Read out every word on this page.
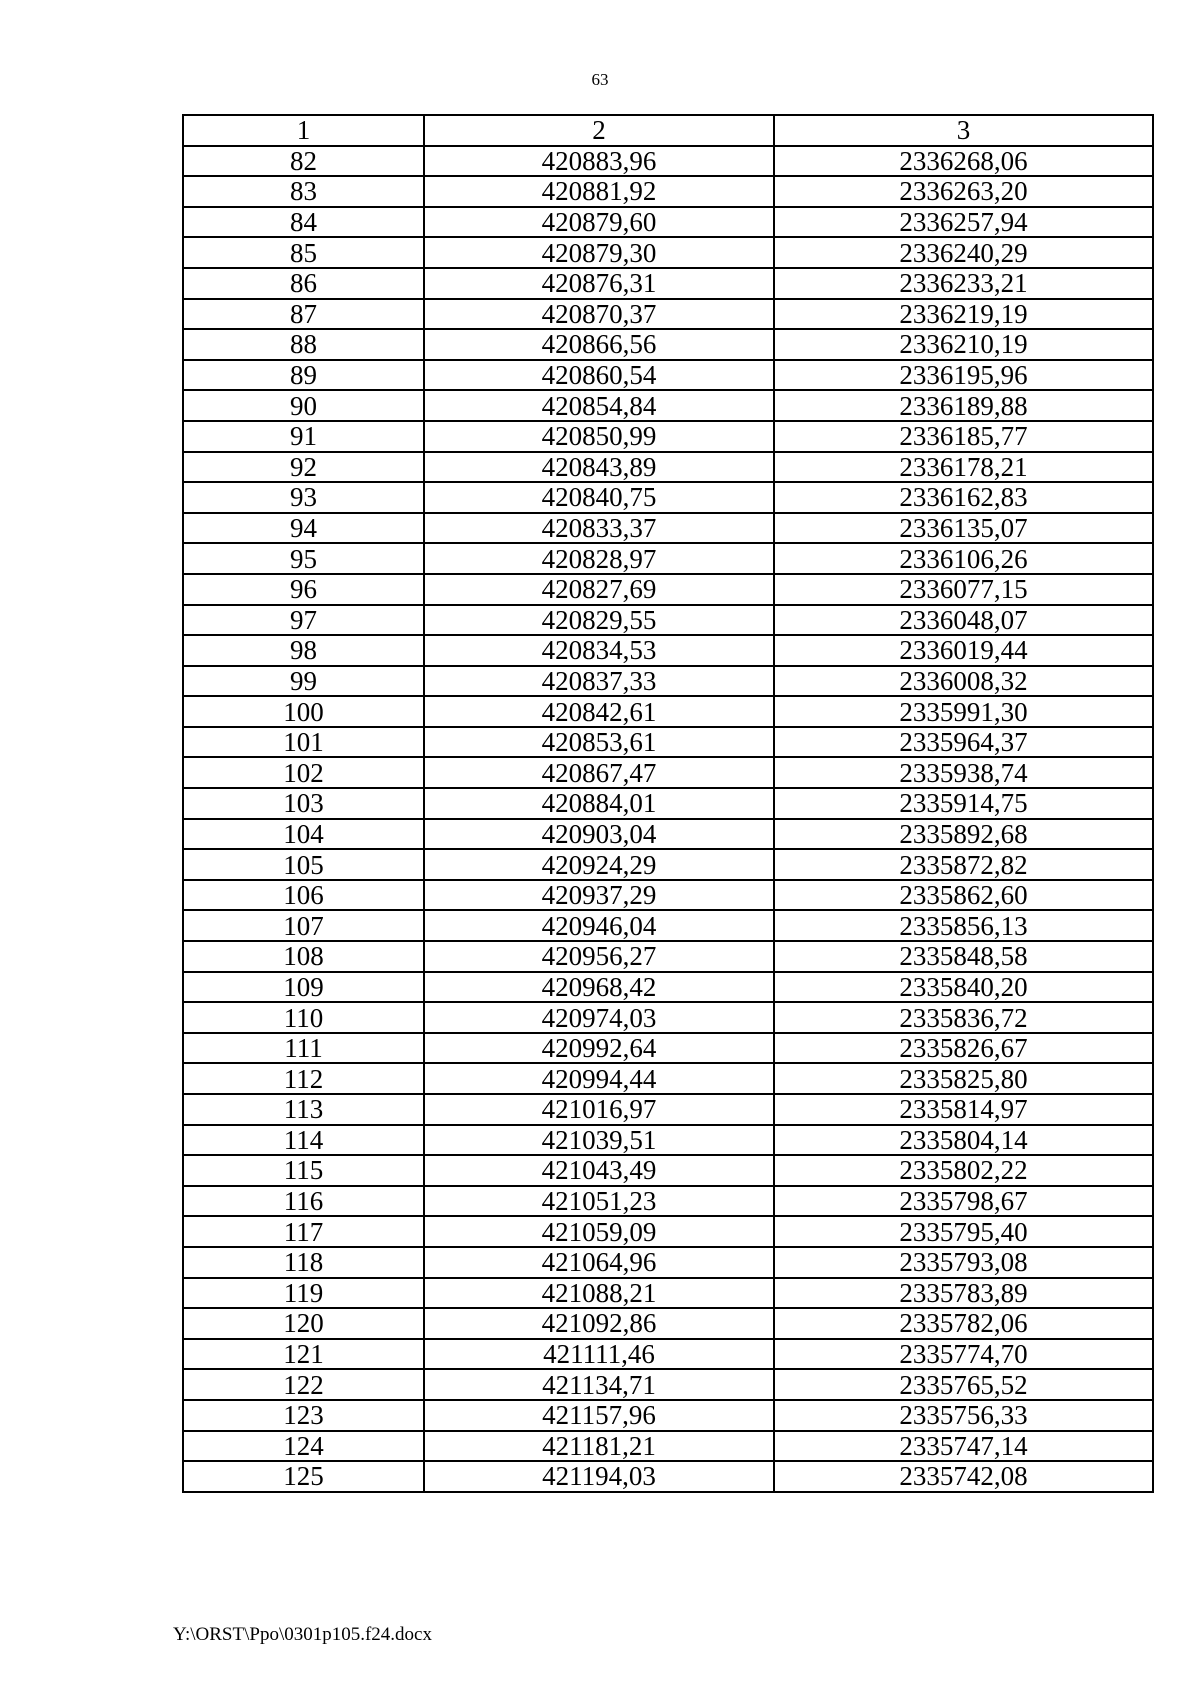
63
1	2	3
82	420883,96	2336268,06
83	420881,92	2336263,20
84	420879,60	2336257,94
85	420879,30	2336240,29
86	420876,31	2336233,21
87	420870,37	2336219,19
88	420866,56	2336210,19
89	420860,54	2336195,96
90	420854,84	2336189,88
91	420850,99	2336185,77
92	420843,89	2336178,21
93	420840,75	2336162,83
94	420833,37	2336135,07
95	420828,97	2336106,26
96	420827,69	2336077,15
97	420829,55	2336048,07
98	420834,53	2336019,44
99	420837,33	2336008,32
100	420842,61	2335991,30
101	420853,61	2335964,37
102	420867,47	2335938,74
103	420884,01	2335914,75
104	420903,04	2335892,68
105	420924,29	2335872,82
106	420937,29	2335862,60
107	420946,04	2335856,13
108	420956,27	2335848,58
109	420968,42	2335840,20
110	420974,03	2335836,72
111	420992,64	2335826,67
112	420994,44	2335825,80
113	421016,97	2335814,97
114	421039,51	2335804,14
115	421043,49	2335802,22
116	421051,23	2335798,67
117	421059,09	2335795,40
118	421064,96	2335793,08
119	421088,21	2335783,89
120	421092,86	2335782,06
121	421111,46	2335774,70
122	421134,71	2335765,52
123	421157,96	2335756,33
124	421181,21	2335747,14
125	421194,03	2335742,08
Y:\ORST\Ppo\0301p105.f24.docx
